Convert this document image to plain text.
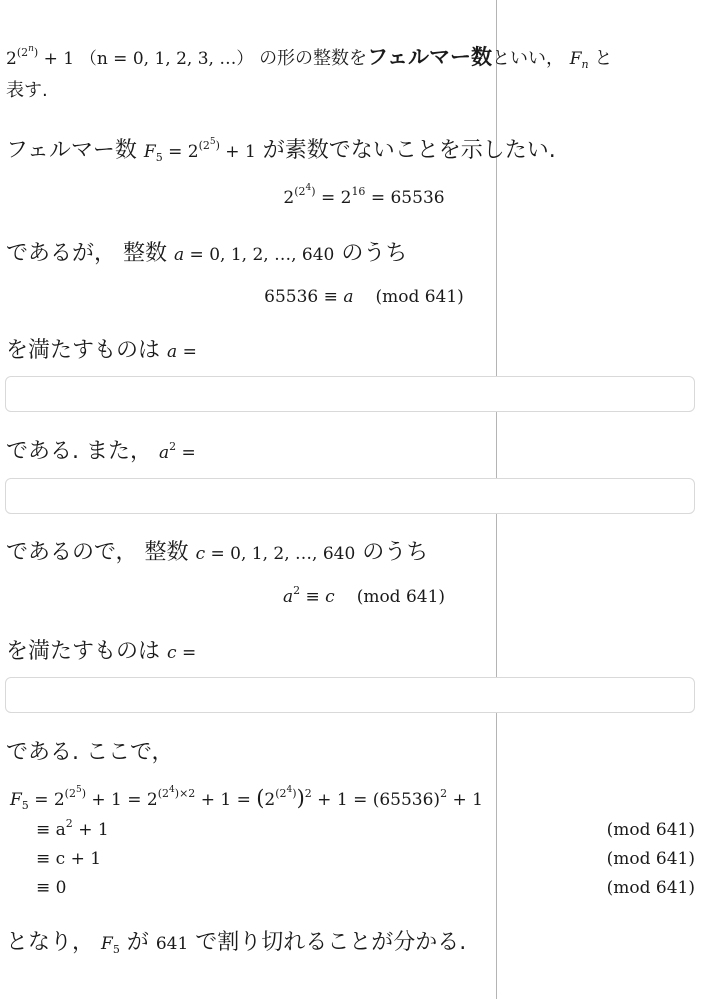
$2^{(2^n)} + 1$ （n = 0, 1, 2, 3, …） の形の整数をフェルマー数といい， $F_n$ と
表す.
フェルマー数 $F_5 = 2^{(2^5)} + 1$ が素数でないことを示したい.
$2^{(2^4)} = 2^{16} = 65536$
であるが， 整数 a = 0, 1, 2, …, 640 のうち
65536 ≡ a (mod 641)
を満たすものは a =
である. また， $a^2$ =
であるので， 整数 c = 0, 1, 2, …, 640 のうち
$a^2 \equiv c$ (mod 641)
を満たすものは c =
である. ここで，
$F_5 = 2^{(2^5)} + 1 = 2^{(2^4)\times 2} + 1 = (2^{(2^4)})^2 + 1 = (65536)^2 + 1$
≡ $a^2 + 1$	(mod 641)
≡ c + 1	(mod 641)
≡ 0	(mod 641)
となり， $F_5$ が 641 で割り切れることが分かる.
